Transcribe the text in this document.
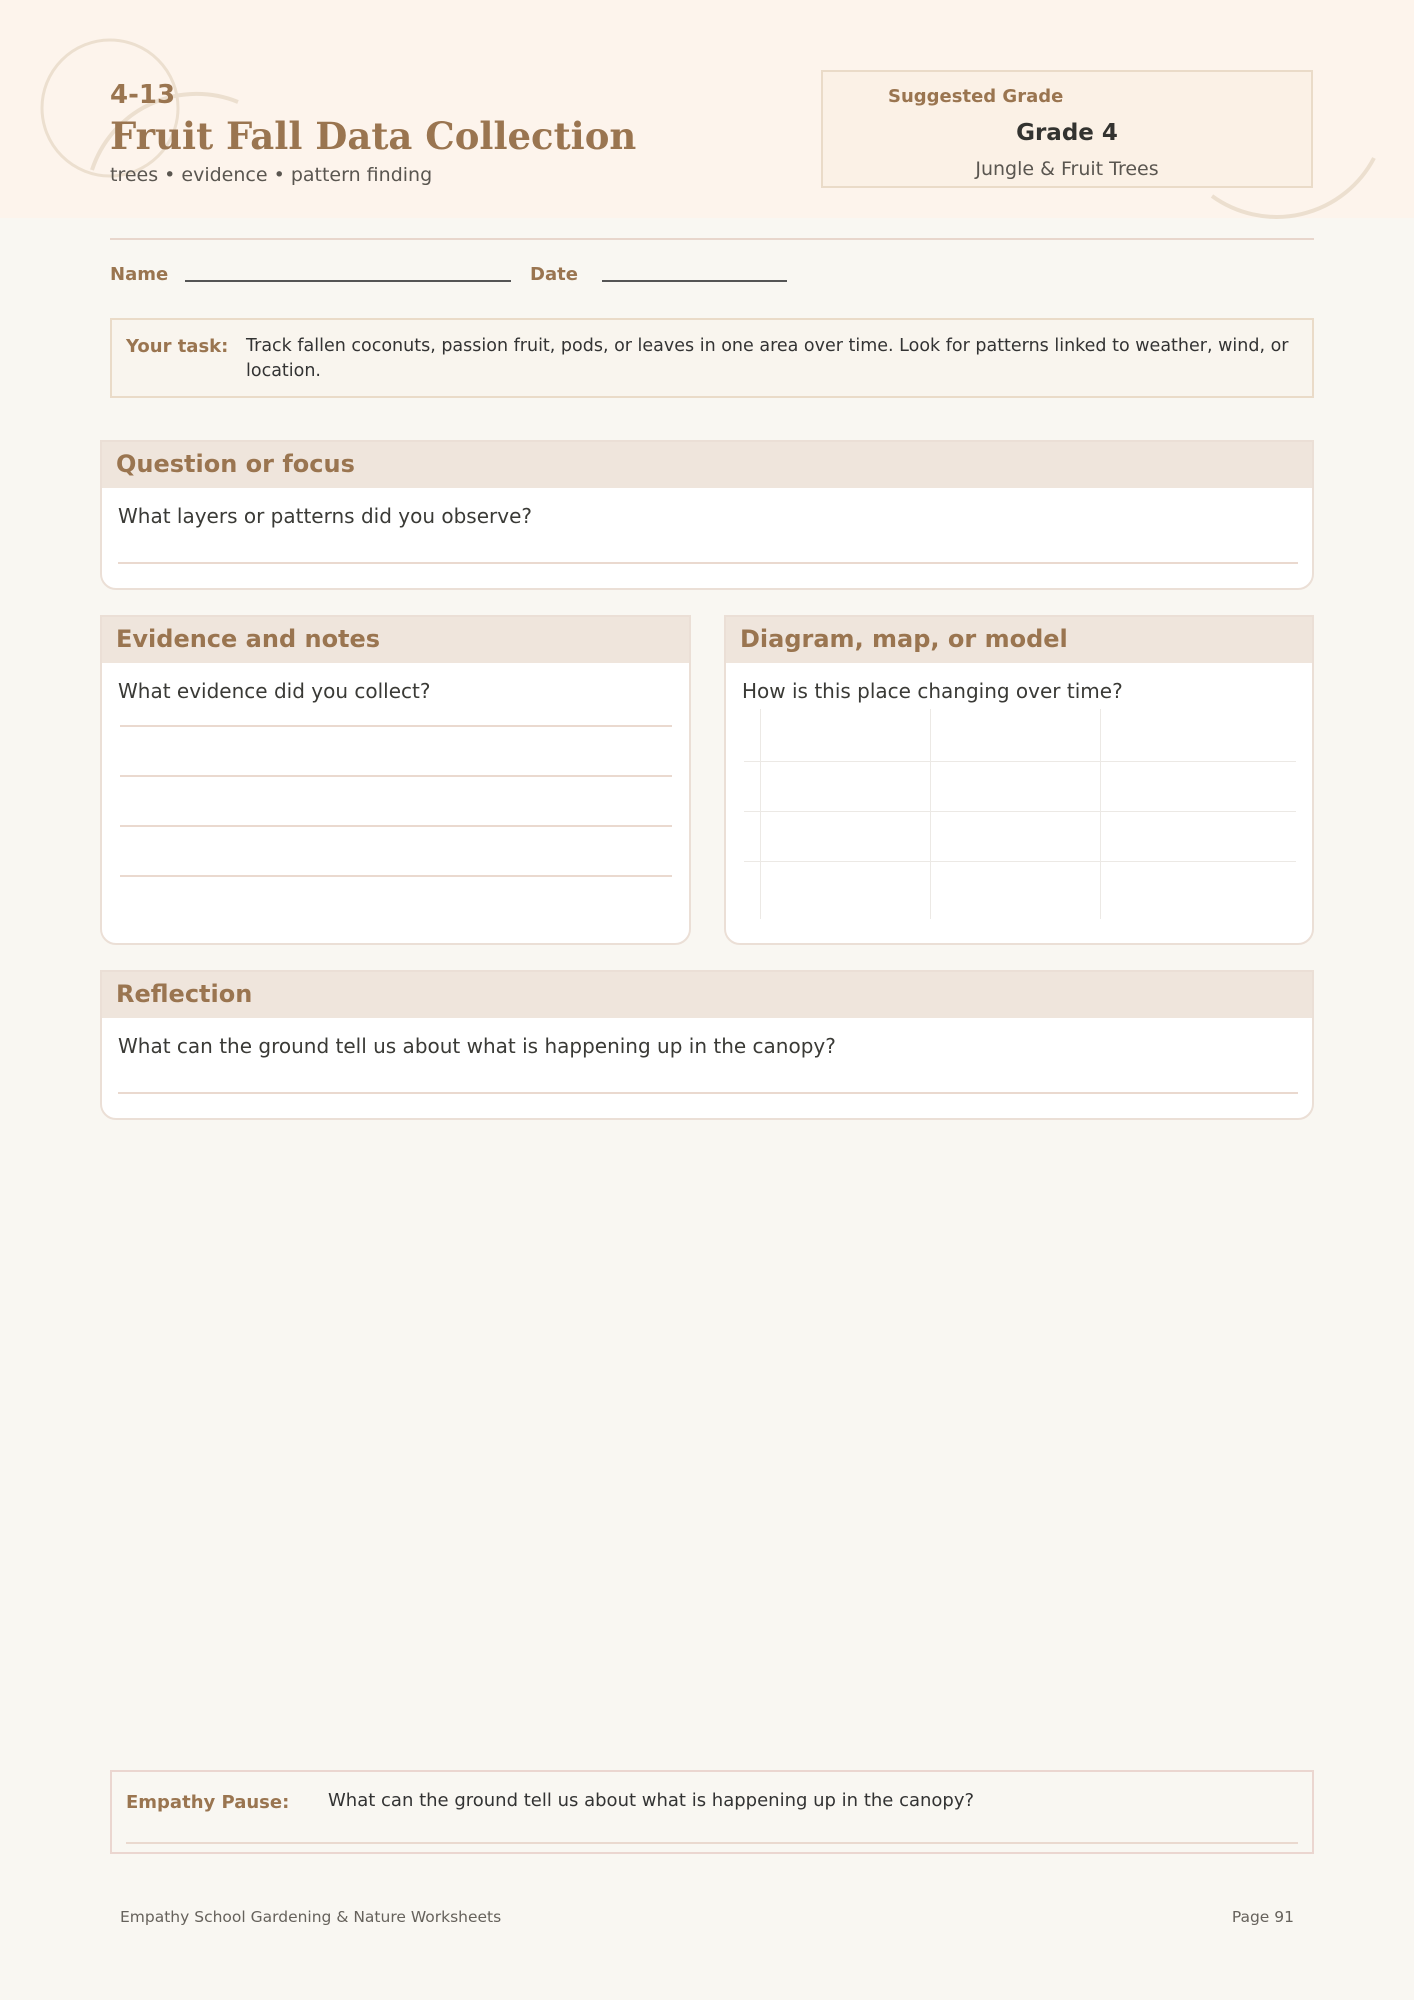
4-13
Fruit Fall Data Collection
trees • evidence • pattern finding
Suggested Grade
Grade 4
Jungle & Fruit Trees
Name	Date
Your task: Track fallen coconuts, passion fruit, pods, or leaves in one area over time. Look for patterns linked to weather, wind, or location.
Question or focus
What layers or patterns did you observe?
Evidence and notes
What evidence did you collect?
Diagram, map, or model
How is this place changing over time?
Reflection
What can the ground tell us about what is happening up in the canopy?
Empathy Pause: What can the ground tell us about what is happening up in the canopy?
Empathy School Gardening & Nature Worksheets	Page 91
